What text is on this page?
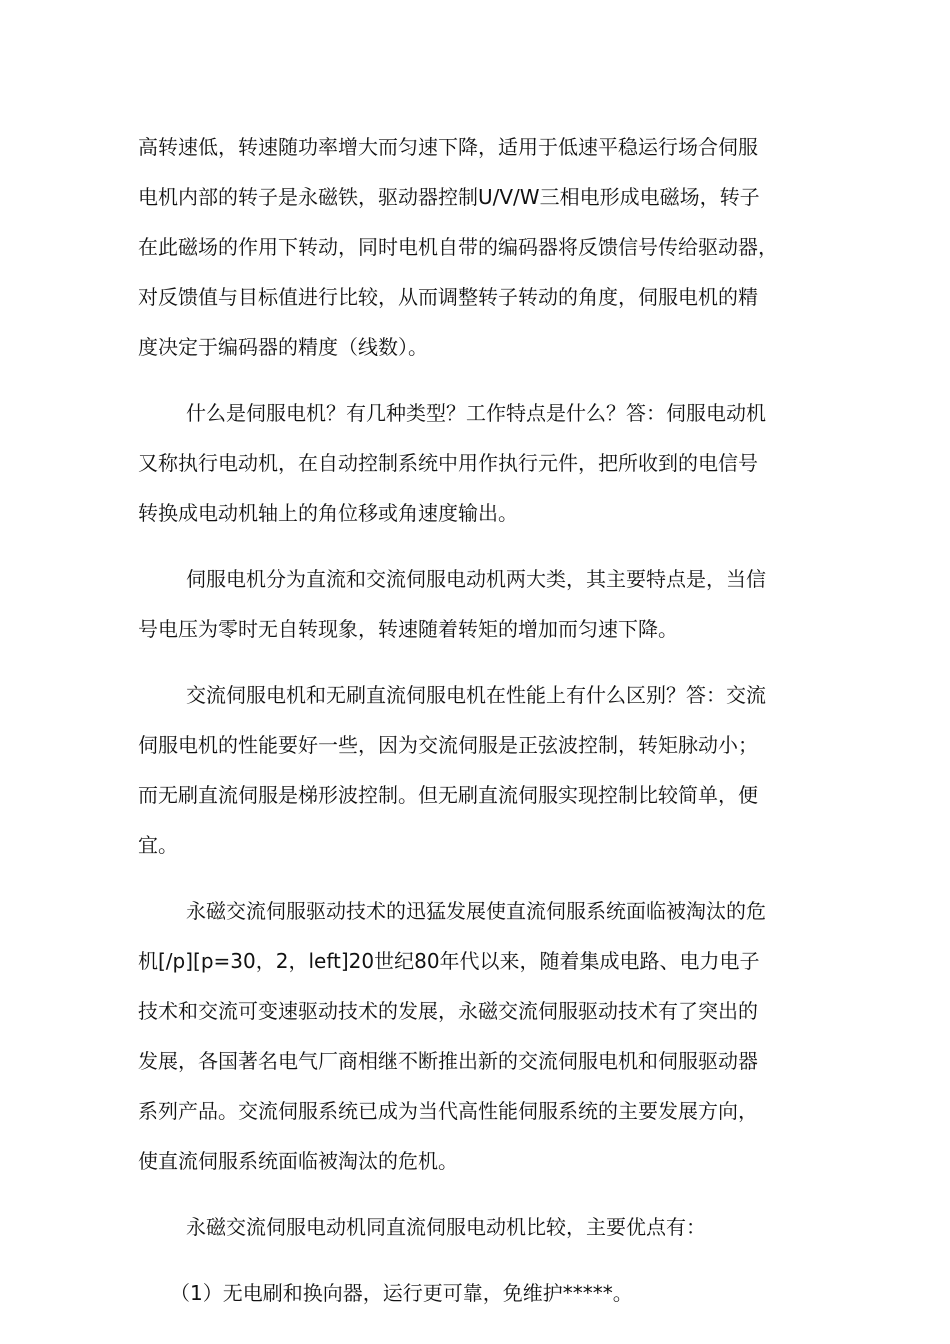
高转速低，转速随功率增大而匀速下降，适用于低速平稳运行场合伺服
电机内部的转子是永磁铁，驱动器控制U/V/W三相电形成电磁场，转子
在此磁场的作用下转动，同时电机自带的编码器将反馈信号传给驱动器，
对反馈值与目标值进行比较，从而调整转子转动的角度，伺服电机的精
度决定于编码器的精度（线数）。
什么是伺服电机？有几种类型？工作特点是什么？答：伺服电动机
又称执行电动机，在自动控制系统中用作执行元件，把所收到的电信号
转换成电动机轴上的角位移或角速度输出。
伺服电机分为直流和交流伺服电动机两大类，其主要特点是，当信
号电压为零时无自转现象，转速随着转矩的增加而匀速下降。
交流伺服电机和无刷直流伺服电机在性能上有什么区别？答：交流
伺服电机的性能要好一些，因为交流伺服是正弦波控制，转矩脉动小；
而无刷直流伺服是梯形波控制。但无刷直流伺服实现控制比较简单，便
宜。
永磁交流伺服驱动技术的迅猛发展使直流伺服系统面临被淘汰的危
机[/p][p=30，2，left]20世纪80年代以来，随着集成电路、电力电子
技术和交流可变速驱动技术的发展，永磁交流伺服驱动技术有了突出的
发展，各国著名电气厂商相继不断推出新的交流伺服电机和伺服驱动器
系列产品。交流伺服系统已成为当代高性能伺服系统的主要发展方向，
使直流伺服系统面临被淘汰的危机。
永磁交流伺服电动机同直流伺服电动机比较，主要优点有：
（1）无电刷和换向器，运行更可靠，免维护*****。
